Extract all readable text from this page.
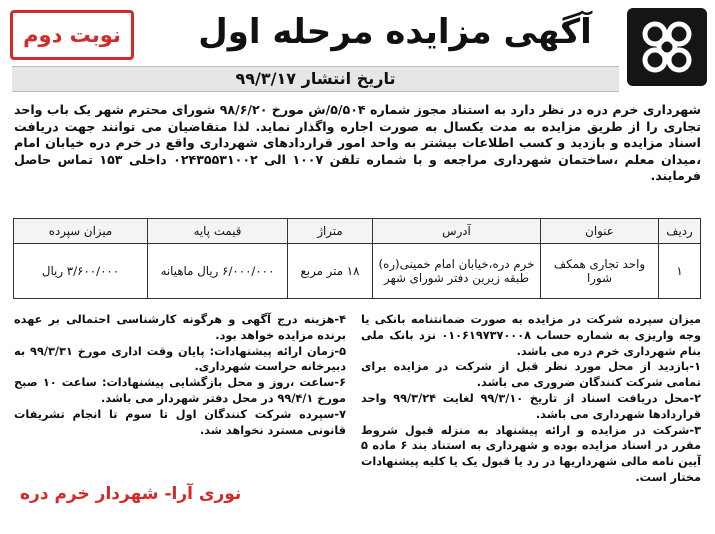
آگهی مزایده مرحله اول
نوبت دوم
تاریخ انتشار ۹۹/۳/۱۷
شهرداری خرم دره در نظر دارد به استناد مجوز شماره ۵/۵۰۴/ش مورخ ۹۸/۶/۲۰ شورای محترم شهر یک باب واحد تجاری را از طریق مزایده به مدت یکسال به صورت اجاره واگذار نماید. لذا متقاضیان می توانند جهت دریافت اسناد مزایده و بازدید و کسب اطلاعات بیشتر به واحد امور قراردادهای شهرداری واقع در خرم دره خیابان امام ،میدان معلم ،ساختمان شهرداری مراجعه و با شماره تلفن ۱۰۰۷ الی ۰۲۴۳۵۵۳۱۰۰۲ داخلی ۱۵۳ تماس حاصل فرمایند.
ردیف	عنوان	آدرس	متراژ	قیمت پایه	میزان سپرده
۱	واحد تجاری همکف شورا	خرم دره،خیابان امام خمینی(ره) طبقه زیرین دفتر شورای شهر	۱۸ متر مربع	۶/۰۰۰/۰۰۰ ریال ماهیانه	۳/۶۰۰/۰۰۰ ریال

میزان سپرده شرکت در مزایده به صورت ضمانتنامه بانکی یا وجه واریزی به شماره حساب ۰۱۰۶۱۹۷۳۷۰۰۰۸ نزد بانک ملی بنام شهرداری خرم دره می باشد.

۱-بازدید از محل مورد نظر قبل از شرکت در مزایده برای تمامی شرکت کنندگان ضروری می باشد.

۲-محل دریافت اسناد از تاریخ ۹۹/۳/۱۰ لغایت ۹۹/۳/۲۴ واحد قراردادها شهرداری می باشد.

۳-شرکت در مزایده و ارائه پیشنهاد به منزله قبول شروط مقرر در اسناد مزایده بوده و شهرداری به استناد بند ۶ ماده ۵ آیین نامه مالی شهرداریها در رد یا قبول یک یا کلیه پیشنهادات مختار است.

۴-هزینه درج آگهی و هرگونه کارشناسی احتمالی بر عهده برنده مزایده خواهد بود.

۵-زمان ارائه پیشنهادات: پایان وقت اداری مورخ ۹۹/۳/۳۱ به دبیرخانه حراست شهرداری.

۶-ساعت ،روز و محل بازگشایی پیشنهادات: ساعت ۱۰ صبح مورخ ۹۹/۴/۱ در محل دفتر شهردار می باشد.

۷-سپرده شرکت کنندگان اول تا سوم تا انجام تشریفات قانونی مسترد نخواهد شد.

نوری آرا- شهردار خرم دره
